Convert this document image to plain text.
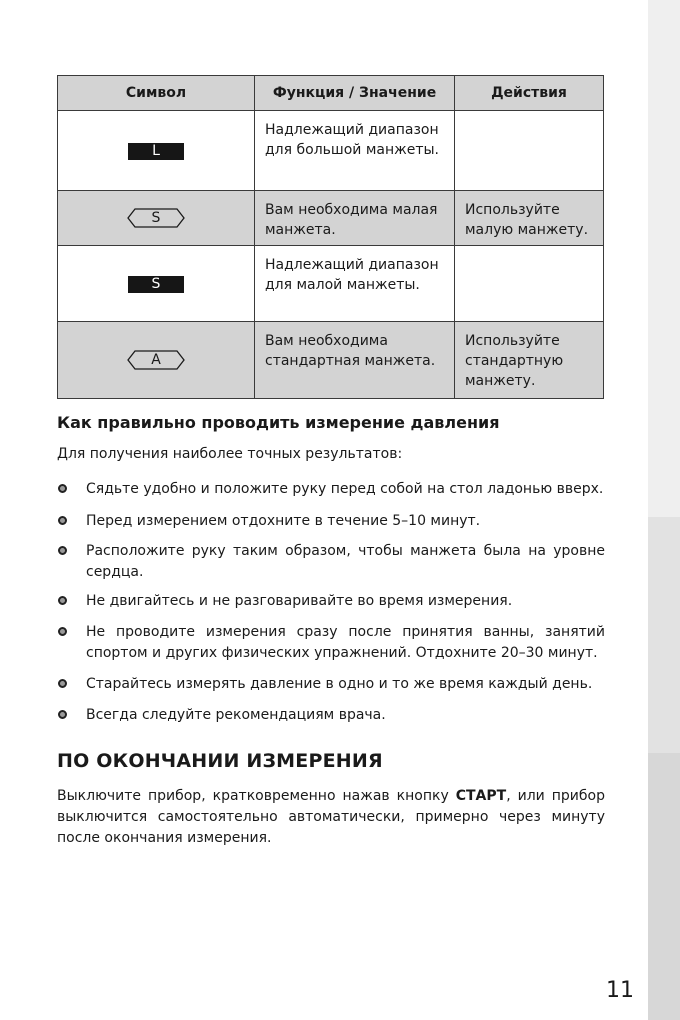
Символ	Функция / Значение	Действия
L	Надлежащий диапазон для большой манжеты.	

S	Вам необходима малая манжета.	Используйте малую манжету.
S	Надлежащий диапазон для малой манжеты.	

A	Вам необходима стандартная манжета.	Используйте стандартную манжету.
Как правильно проводить измерение давления

Для получения наиболее точных результатов:

Сядьте удобно и положите руку перед собой на стол ладонью вверх.
Перед измерением отдохните в течение 5–10 минут.
Расположите руку таким образом, чтобы манжета была на уровне сердца.
Не двигайтесь и не разговаривайте во время измерения.
Не проводите измерения сразу после принятия ванны, занятий спортом и других физических упражнений. Отдохните 20–30 минут.
Старайтесь измерять давление в одно и то же время каждый день.
Всегда следуйте рекомендациям врача.
ПО ОКОНЧАНИИ ИЗМЕРЕНИЯ

Выключите прибор, кратковременно нажав кнопку СТАРТ, или прибор выключится самостоятельно автоматически, примерно через минуту после окончания измерения.

11
